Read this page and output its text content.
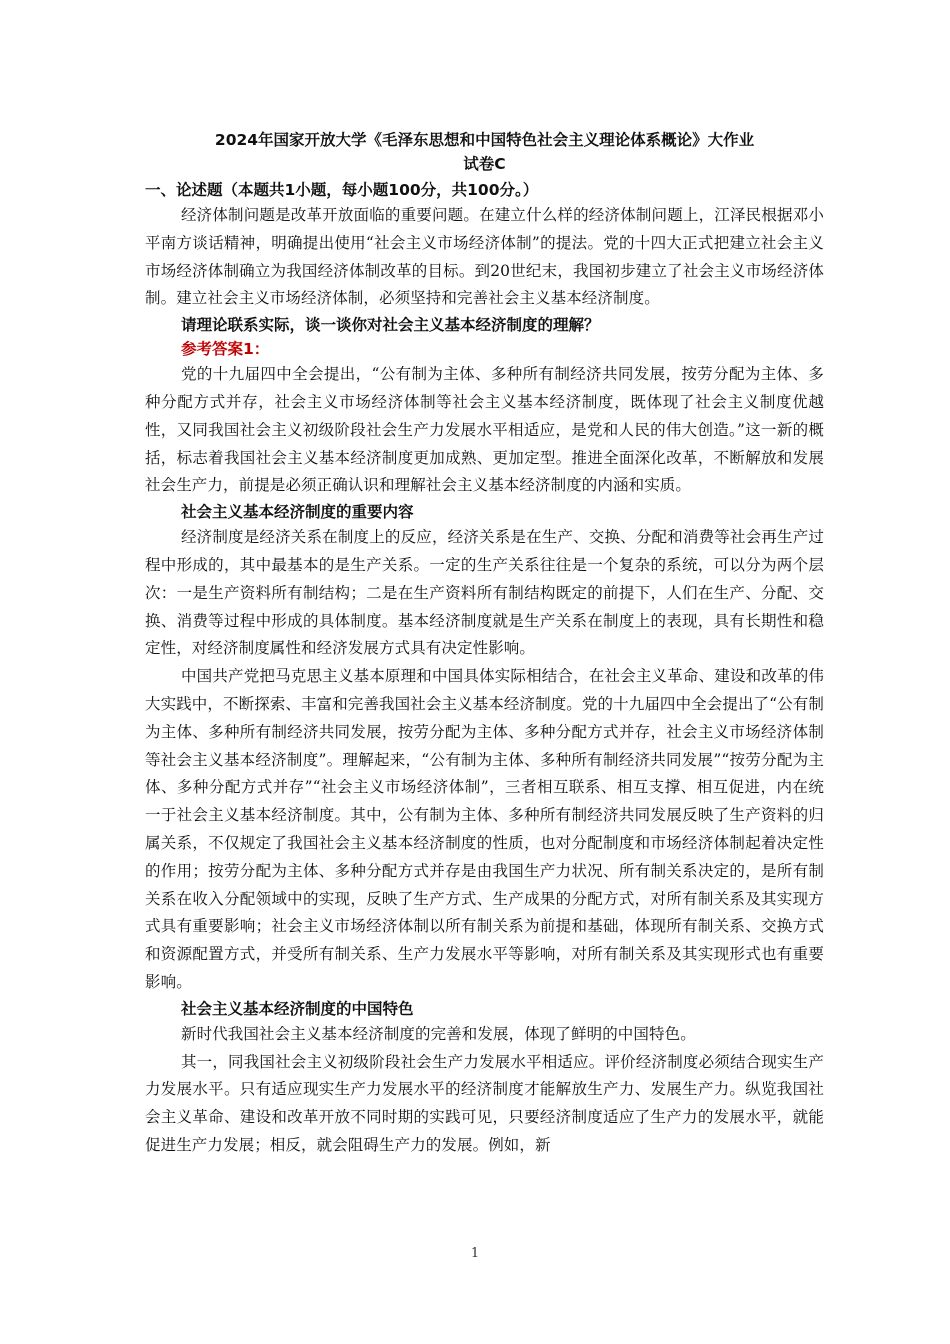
2024年国家开放大学《毛泽东思想和中国特色社会主义理论体系概论》大作业
试卷C
一、论述题（本题共1小题，每小题100分，共100分。）

经济体制问题是改革开放面临的重要问题。在建立什么样的经济体制问题上，江泽民根据邓小平南方谈话精神，明确提出使用“社会主义市场经济体制”的提法。党的十四大正式把建立社会主义市场经济体制确立为我国经济体制改革的目标。到20世纪末，我国初步建立了社会主义市场经济体制。建立社会主义市场经济体制，必须坚持和完善社会主义基本经济制度。

请理论联系实际，谈一谈你对社会主义基本经济制度的理解？

参考答案1：

党的十九届四中全会提出，“公有制为主体、多种所有制经济共同发展，按劳分配为主体、多种分配方式并存，社会主义市场经济体制等社会主义基本经济制度，既体现了社会主义制度优越性，又同我国社会主义初级阶段社会生产力发展水平相适应，是党和人民的伟大创造。”这一新的概括，标志着我国社会主义基本经济制度更加成熟、更加定型。推进全面深化改革，不断解放和发展社会生产力，前提是必须正确认识和理解社会主义基本经济制度的内涵和实质。

社会主义基本经济制度的重要内容

经济制度是经济关系在制度上的反应，经济关系是在生产、交换、分配和消费等社会再生产过程中形成的，其中最基本的是生产关系。一定的生产关系往往是一个复杂的系统，可以分为两个层次：一是生产资料所有制结构；二是在生产资料所有制结构既定的前提下，人们在生产、分配、交换、消费等过程中形成的具体制度。基本经济制度就是生产关系在制度上的表现，具有长期性和稳定性，对经济制度属性和经济发展方式具有决定性影响。

中国共产党把马克思主义基本原理和中国具体实际相结合，在社会主义革命、建设和改革的伟大实践中，不断探索、丰富和完善我国社会主义基本经济制度。党的十九届四中全会提出了“公有制为主体、多种所有制经济共同发展，按劳分配为主体、多种分配方式并存，社会主义市场经济体制等社会主义基本经济制度”。理解起来，“公有制为主体、多种所有制经济共同发展”“按劳分配为主体、多种分配方式并存”“社会主义市场经济体制”，三者相互联系、相互支撑、相互促进，内在统一于社会主义基本经济制度。其中，公有制为主体、多种所有制经济共同发展反映了生产资料的归属关系，不仅规定了我国社会主义基本经济制度的性质，也对分配制度和市场经济体制起着决定性的作用；按劳分配为主体、多种分配方式并存是由我国生产力状况、所有制关系决定的，是所有制关系在收入分配领域中的实现，反映了生产方式、生产成果的分配方式，对所有制关系及其实现方式具有重要影响；社会主义市场经济体制以所有制关系为前提和基础，体现所有制关系、交换方式和资源配置方式，并受所有制关系、生产力发展水平等影响，对所有制关系及其实现形式也有重要影响。

社会主义基本经济制度的中国特色

新时代我国社会主义基本经济制度的完善和发展，体现了鲜明的中国特色。

其一，同我国社会主义初级阶段社会生产力发展水平相适应。评价经济制度必须结合现实生产力发展水平。只有适应现实生产力发展水平的经济制度才能解放生产力、发展生产力。纵览我国社会主义革命、建设和改革开放不同时期的实践可见，只要经济制度适应了生产力的发展水平，就能促进生产力发展；相反，就会阻碍生产力的发展。例如，新

1
